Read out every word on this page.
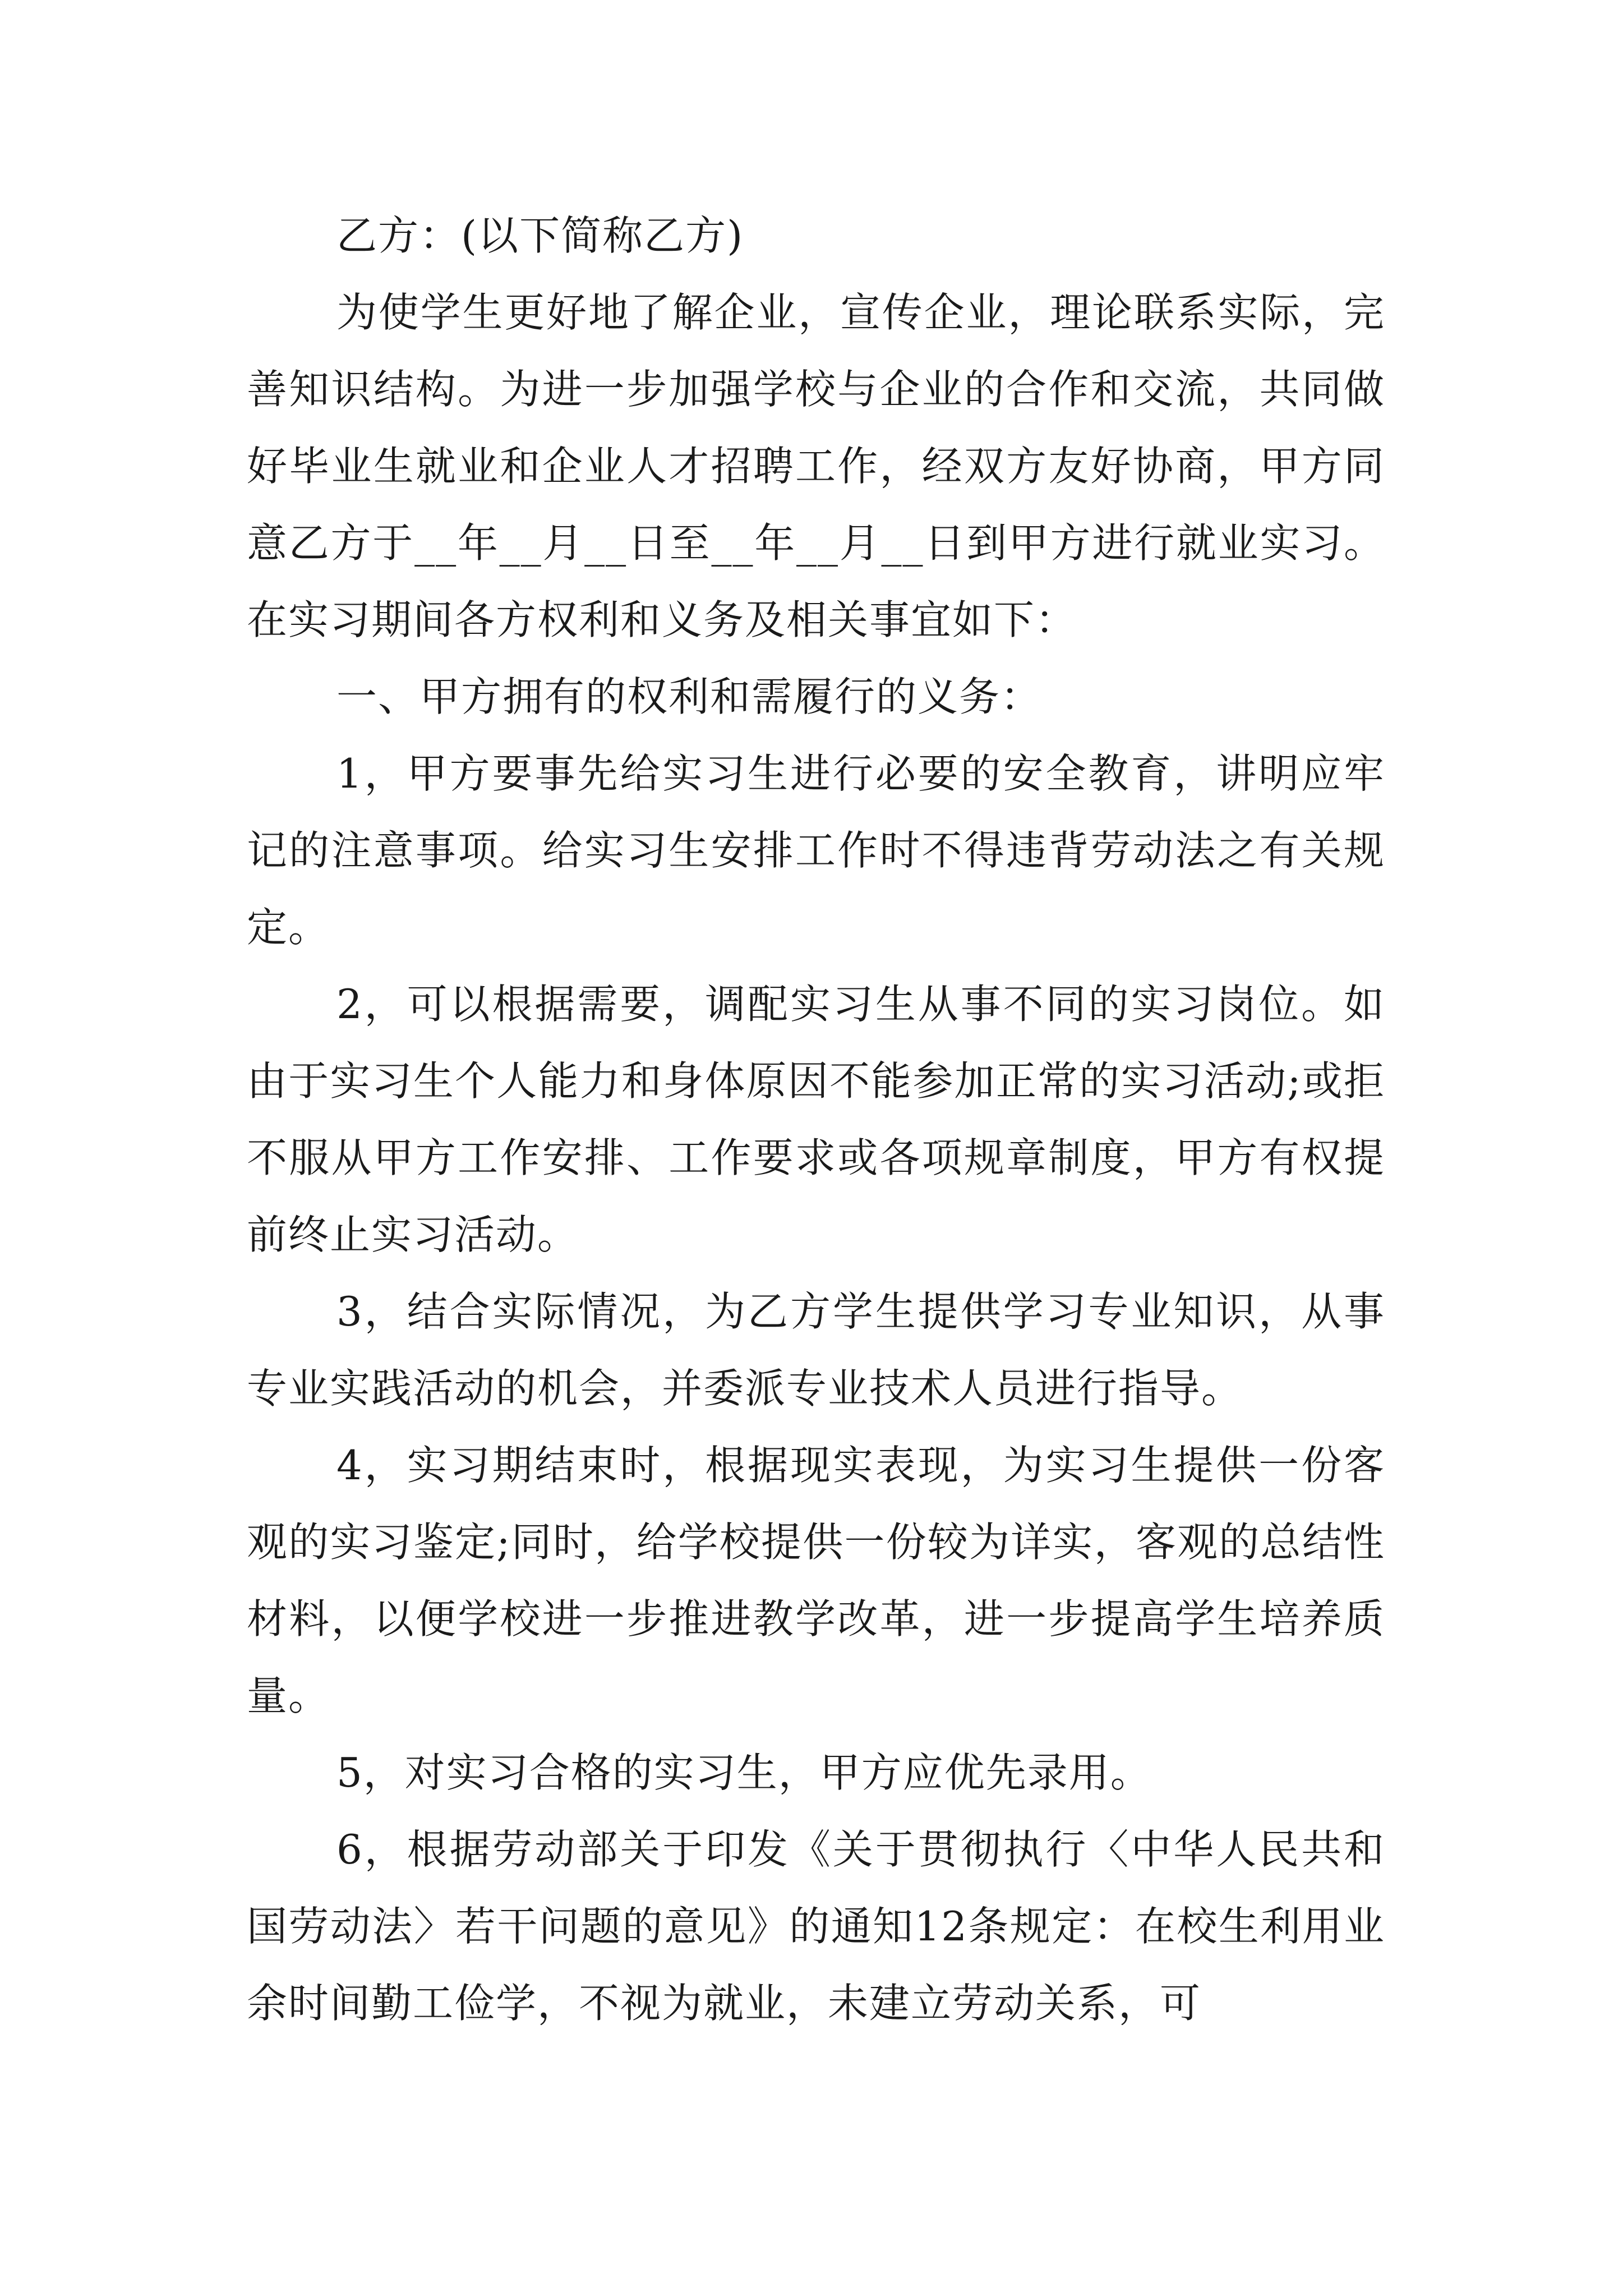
乙方：(以下简称乙方)

为使学生更好地了解企业，宣传企业，理论联系实际，完善知识结构。为进一步加强学校与企业的合作和交流，共同做好毕业生就业和企业人才招聘工作，经双方友好协商，甲方同意乙方于__年__月__日至__年__月__日到甲方进行就业实习。在实习期间各方权利和义务及相关事宜如下：

一、甲方拥有的权利和需履行的义务：

1，甲方要事先给实习生进行必要的安全教育，讲明应牢记的注意事项。给实习生安排工作时不得违背劳动法之有关规定。

2，可以根据需要，调配实习生从事不同的实习岗位。如由于实习生个人能力和身体原因不能参加正常的实习活动;或拒不服从甲方工作安排、工作要求或各项规章制度，甲方有权提前终止实习活动。

3，结合实际情况，为乙方学生提供学习专业知识，从事专业实践活动的机会，并委派专业技术人员进行指导。

4，实习期结束时，根据现实表现，为实习生提供一份客观的实习鉴定;同时，给学校提供一份较为详实，客观的总结性材料，以便学校进一步推进教学改革，进一步提高学生培养质量。

5，对实习合格的实习生，甲方应优先录用。

6，根据劳动部关于印发《关于贯彻执行〈中华人民共和国劳动法〉若干问题的意见》的通知12条规定：在校生利用业余时间勤工俭学，不视为就业，未建立劳动关系，可
